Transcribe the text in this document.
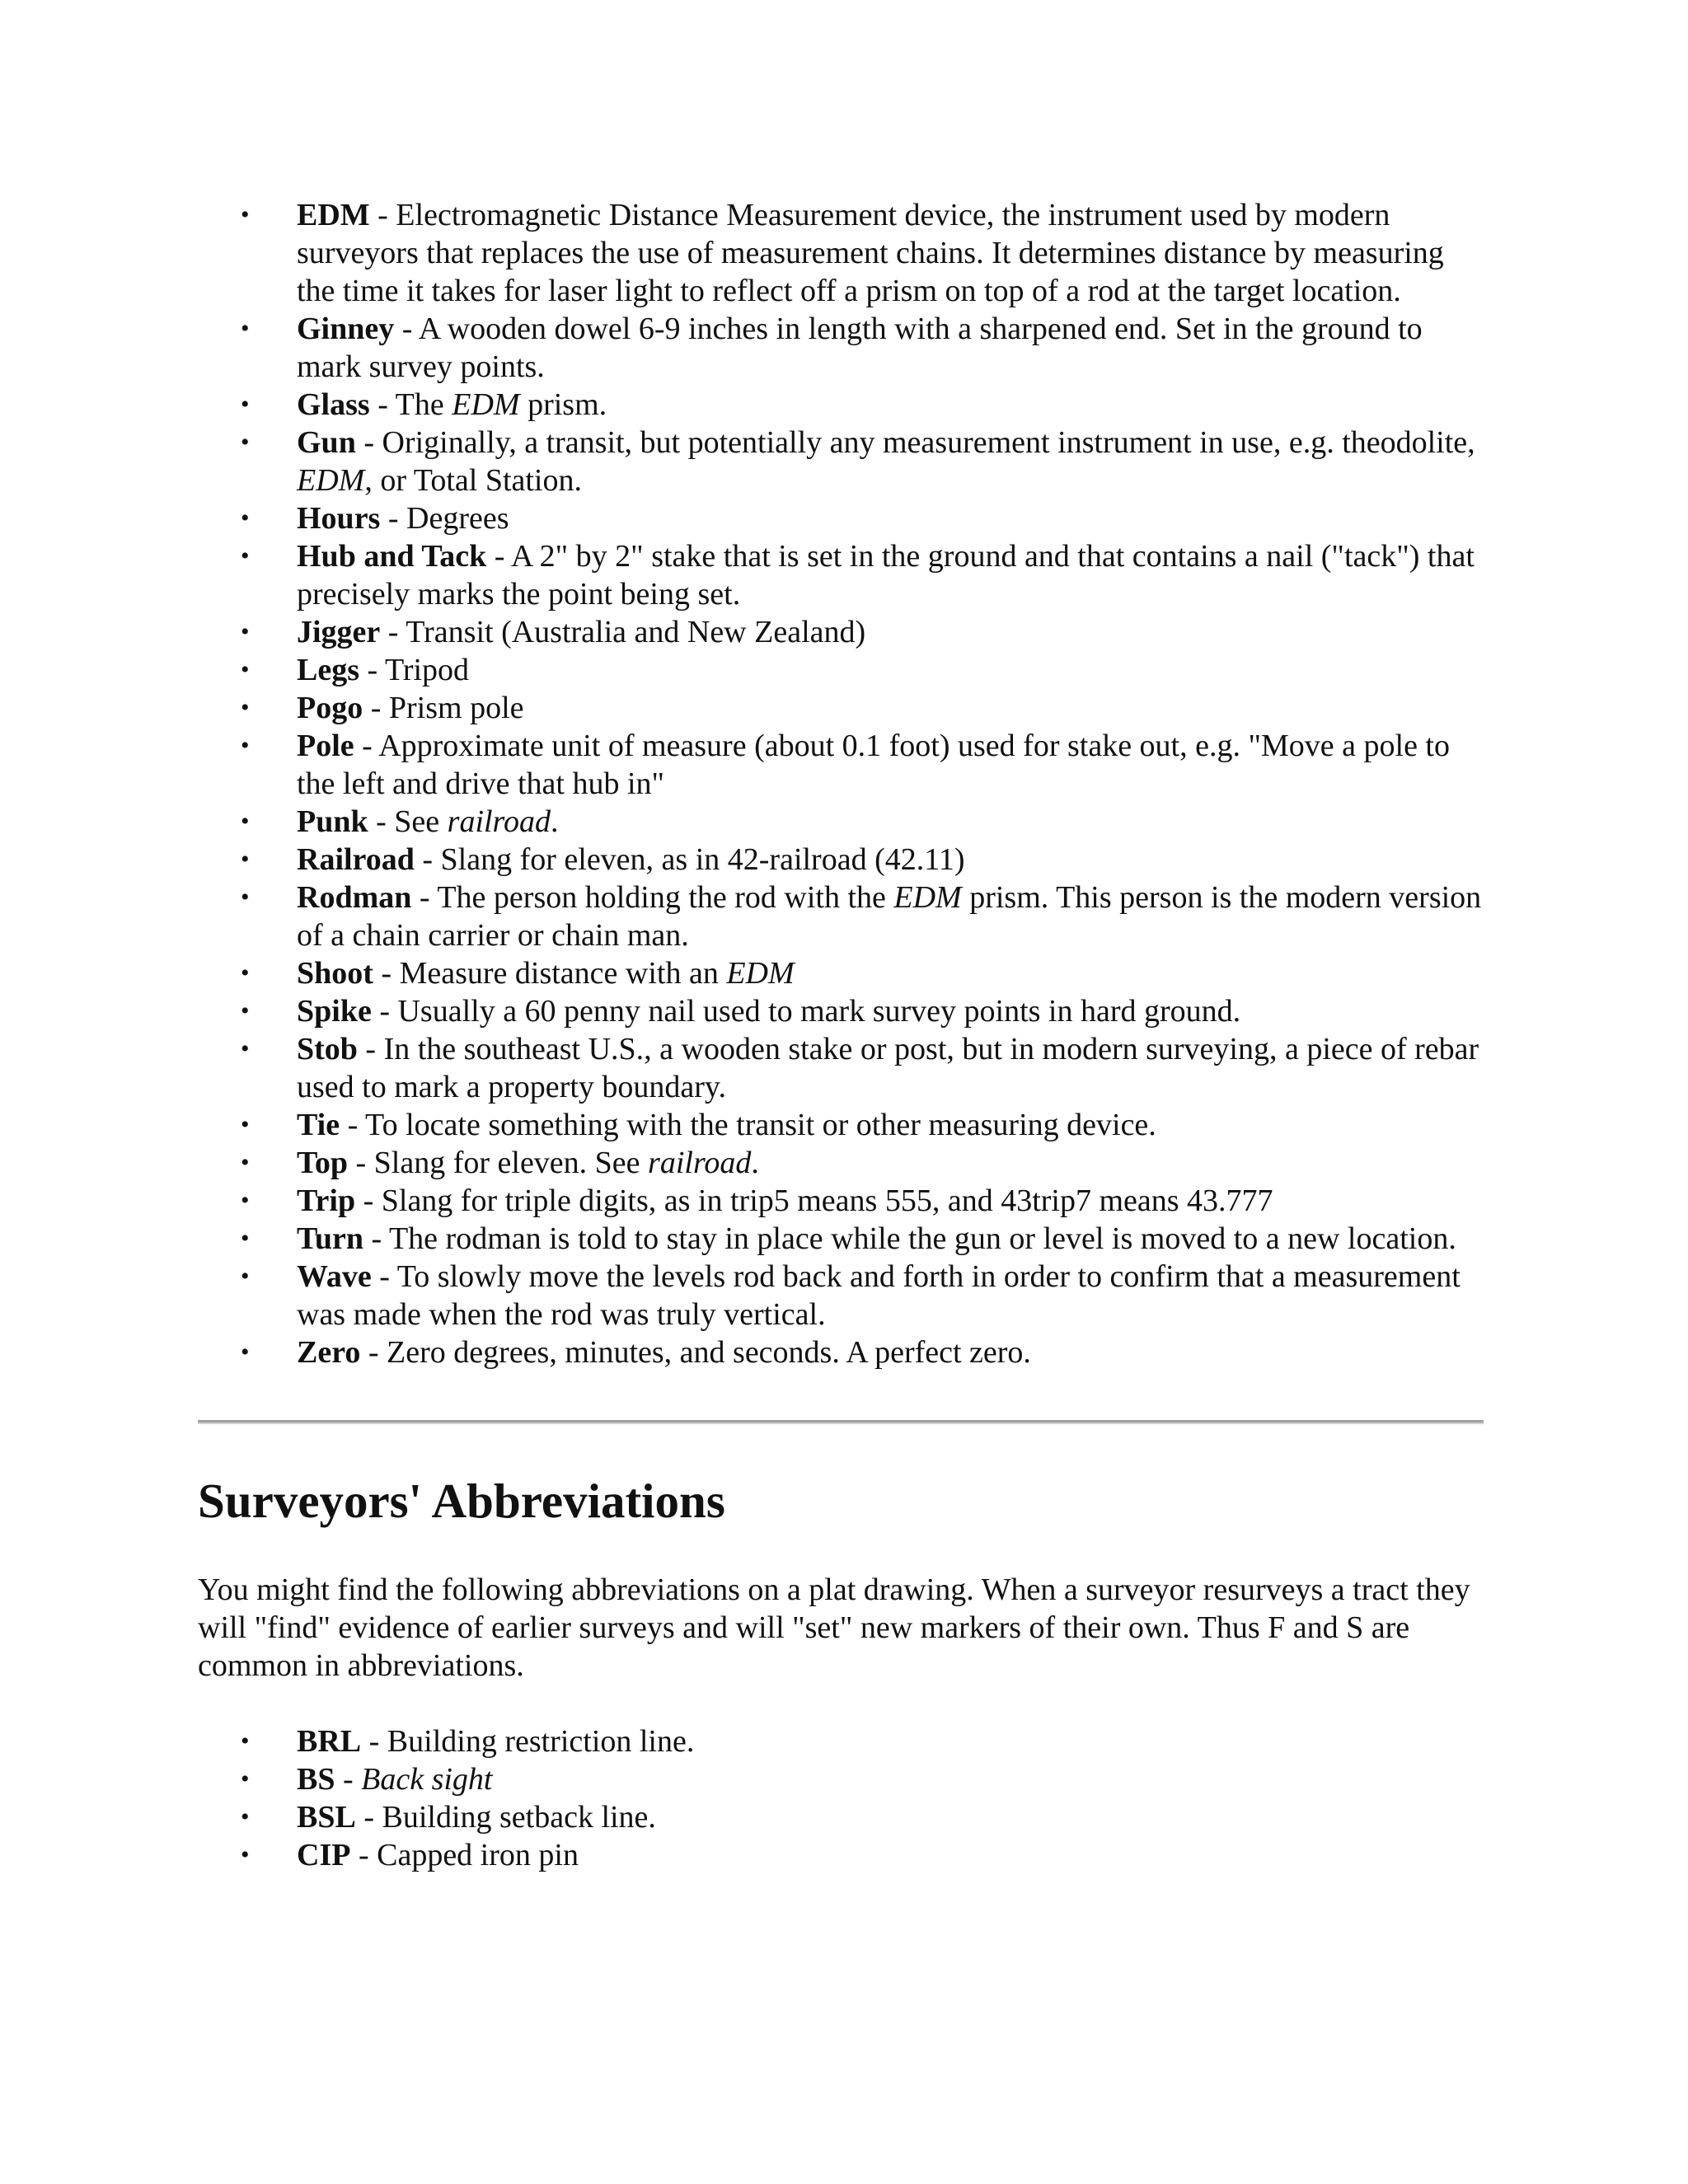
• EDM - Electromagnetic Distance Measurement device, the instrument used by modern surveyors that replaces the use of measurement chains. It determines distance by measuring the time it takes for laser light to reflect off a prism on top of a rod at the target location.
• Ginney - A wooden dowel 6-9 inches in length with a sharpened end. Set in the ground to mark survey points.
• Glass - The EDM prism.
• Gun - Originally, a transit, but potentially any measurement instrument in use, e.g. theodolite, EDM, or Total Station.
• Hours - Degrees
• Hub and Tack - A 2" by 2" stake that is set in the ground and that contains a nail ("tack") that precisely marks the point being set.
• Jigger - Transit (Australia and New Zealand)
• Legs - Tripod
• Pogo - Prism pole
• Pole - Approximate unit of measure (about 0.1 foot) used for stake out, e.g. "Move a pole to the left and drive that hub in"
• Punk - See railroad.
• Railroad - Slang for eleven, as in 42-railroad (42.11)
• Rodman - The person holding the rod with the EDM prism. This person is the modern version of a chain carrier or chain man.
• Shoot - Measure distance with an EDM
• Spike - Usually a 60 penny nail used to mark survey points in hard ground.
• Stob - In the southeast U.S., a wooden stake or post, but in modern surveying, a piece of rebar used to mark a property boundary.
• Tie - To locate something with the transit or other measuring device.
• Top - Slang for eleven. See railroad.
• Trip - Slang for triple digits, as in trip5 means 555, and 43trip7 means 43.777
• Turn - The rodman is told to stay in place while the gun or level is moved to a new location.
• Wave - To slowly move the levels rod back and forth in order to confirm that a measurement was made when the rod was truly vertical.
• Zero - Zero degrees, minutes, and seconds. A perfect zero.
Surveyors' Abbreviations

You might find the following abbreviations on a plat drawing. When a surveyor resurveys a tract they will "find" evidence of earlier surveys and will "set" new markers of their own. Thus F and S are common in abbreviations.

• BRL - Building restriction line.
• BS - Back sight
• BSL - Building setback line.
• CIP - Capped iron pin
